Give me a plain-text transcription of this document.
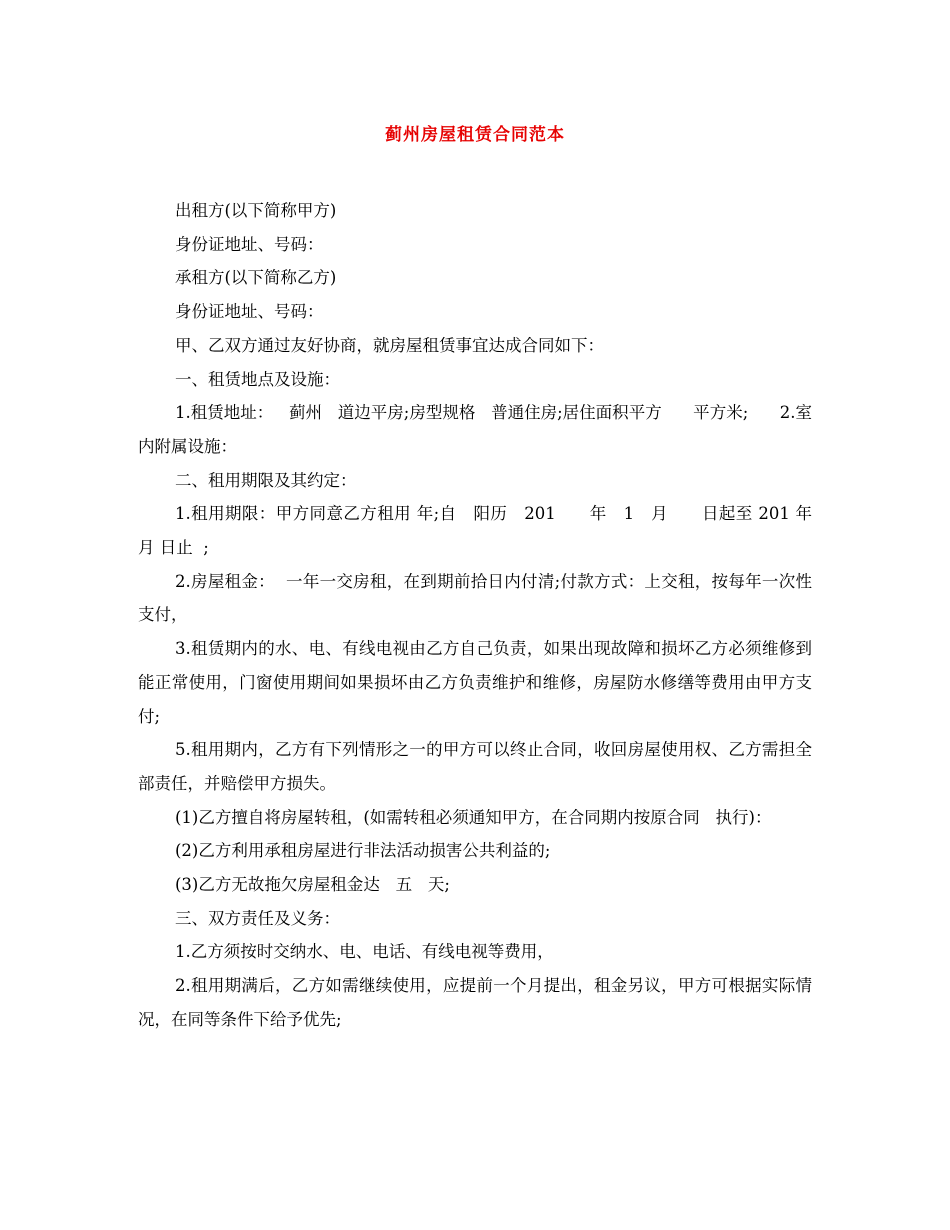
蓟州房屋租赁合同范本

出租方(以下简称甲方)

身份证地址、号码：

承租方(以下简称乙方)

身份证地址、号码：

甲、乙双方通过友好协商，就房屋租赁事宜达成合同如下：

一、租赁地点及设施：

1.租赁地址：   蓟州   道边平房;房型规格   普通住房;居住面积平方      平方米;      2.室内附属设施：

二、租用期限及其约定：

1.租用期限：甲方同意乙方租用 年;自   阳历   201      年   1   月      日起至 201 年 月 日止  ;

2.房屋租金：  一年一交房租，在到期前拾日内付清;付款方式：上交租，按每年一次性支付，

3.租赁期内的水、电、有线电视由乙方自己负责，如果出现故障和损坏乙方必须维修到能正常使用，门窗使用期间如果损坏由乙方负责维护和维修，房屋防水修缮等费用由甲方支付;

5.租用期内，乙方有下列情形之一的甲方可以终止合同，收回房屋使用权、乙方需担全部责任，并赔偿甲方损失。

(1)乙方擅自将房屋转租，(如需转租必须通知甲方，在合同期内按原合同   执行)：

(2)乙方利用承租房屋进行非法活动损害公共利益的;

(3)乙方无故拖欠房屋租金达   五   天;

三、双方责任及义务：

1.乙方须按时交纳水、电、电话、有线电视等费用，

2.租用期满后，乙方如需继续使用，应提前一个月提出，租金另议，甲方可根据实际情况，在同等条件下给予优先;
